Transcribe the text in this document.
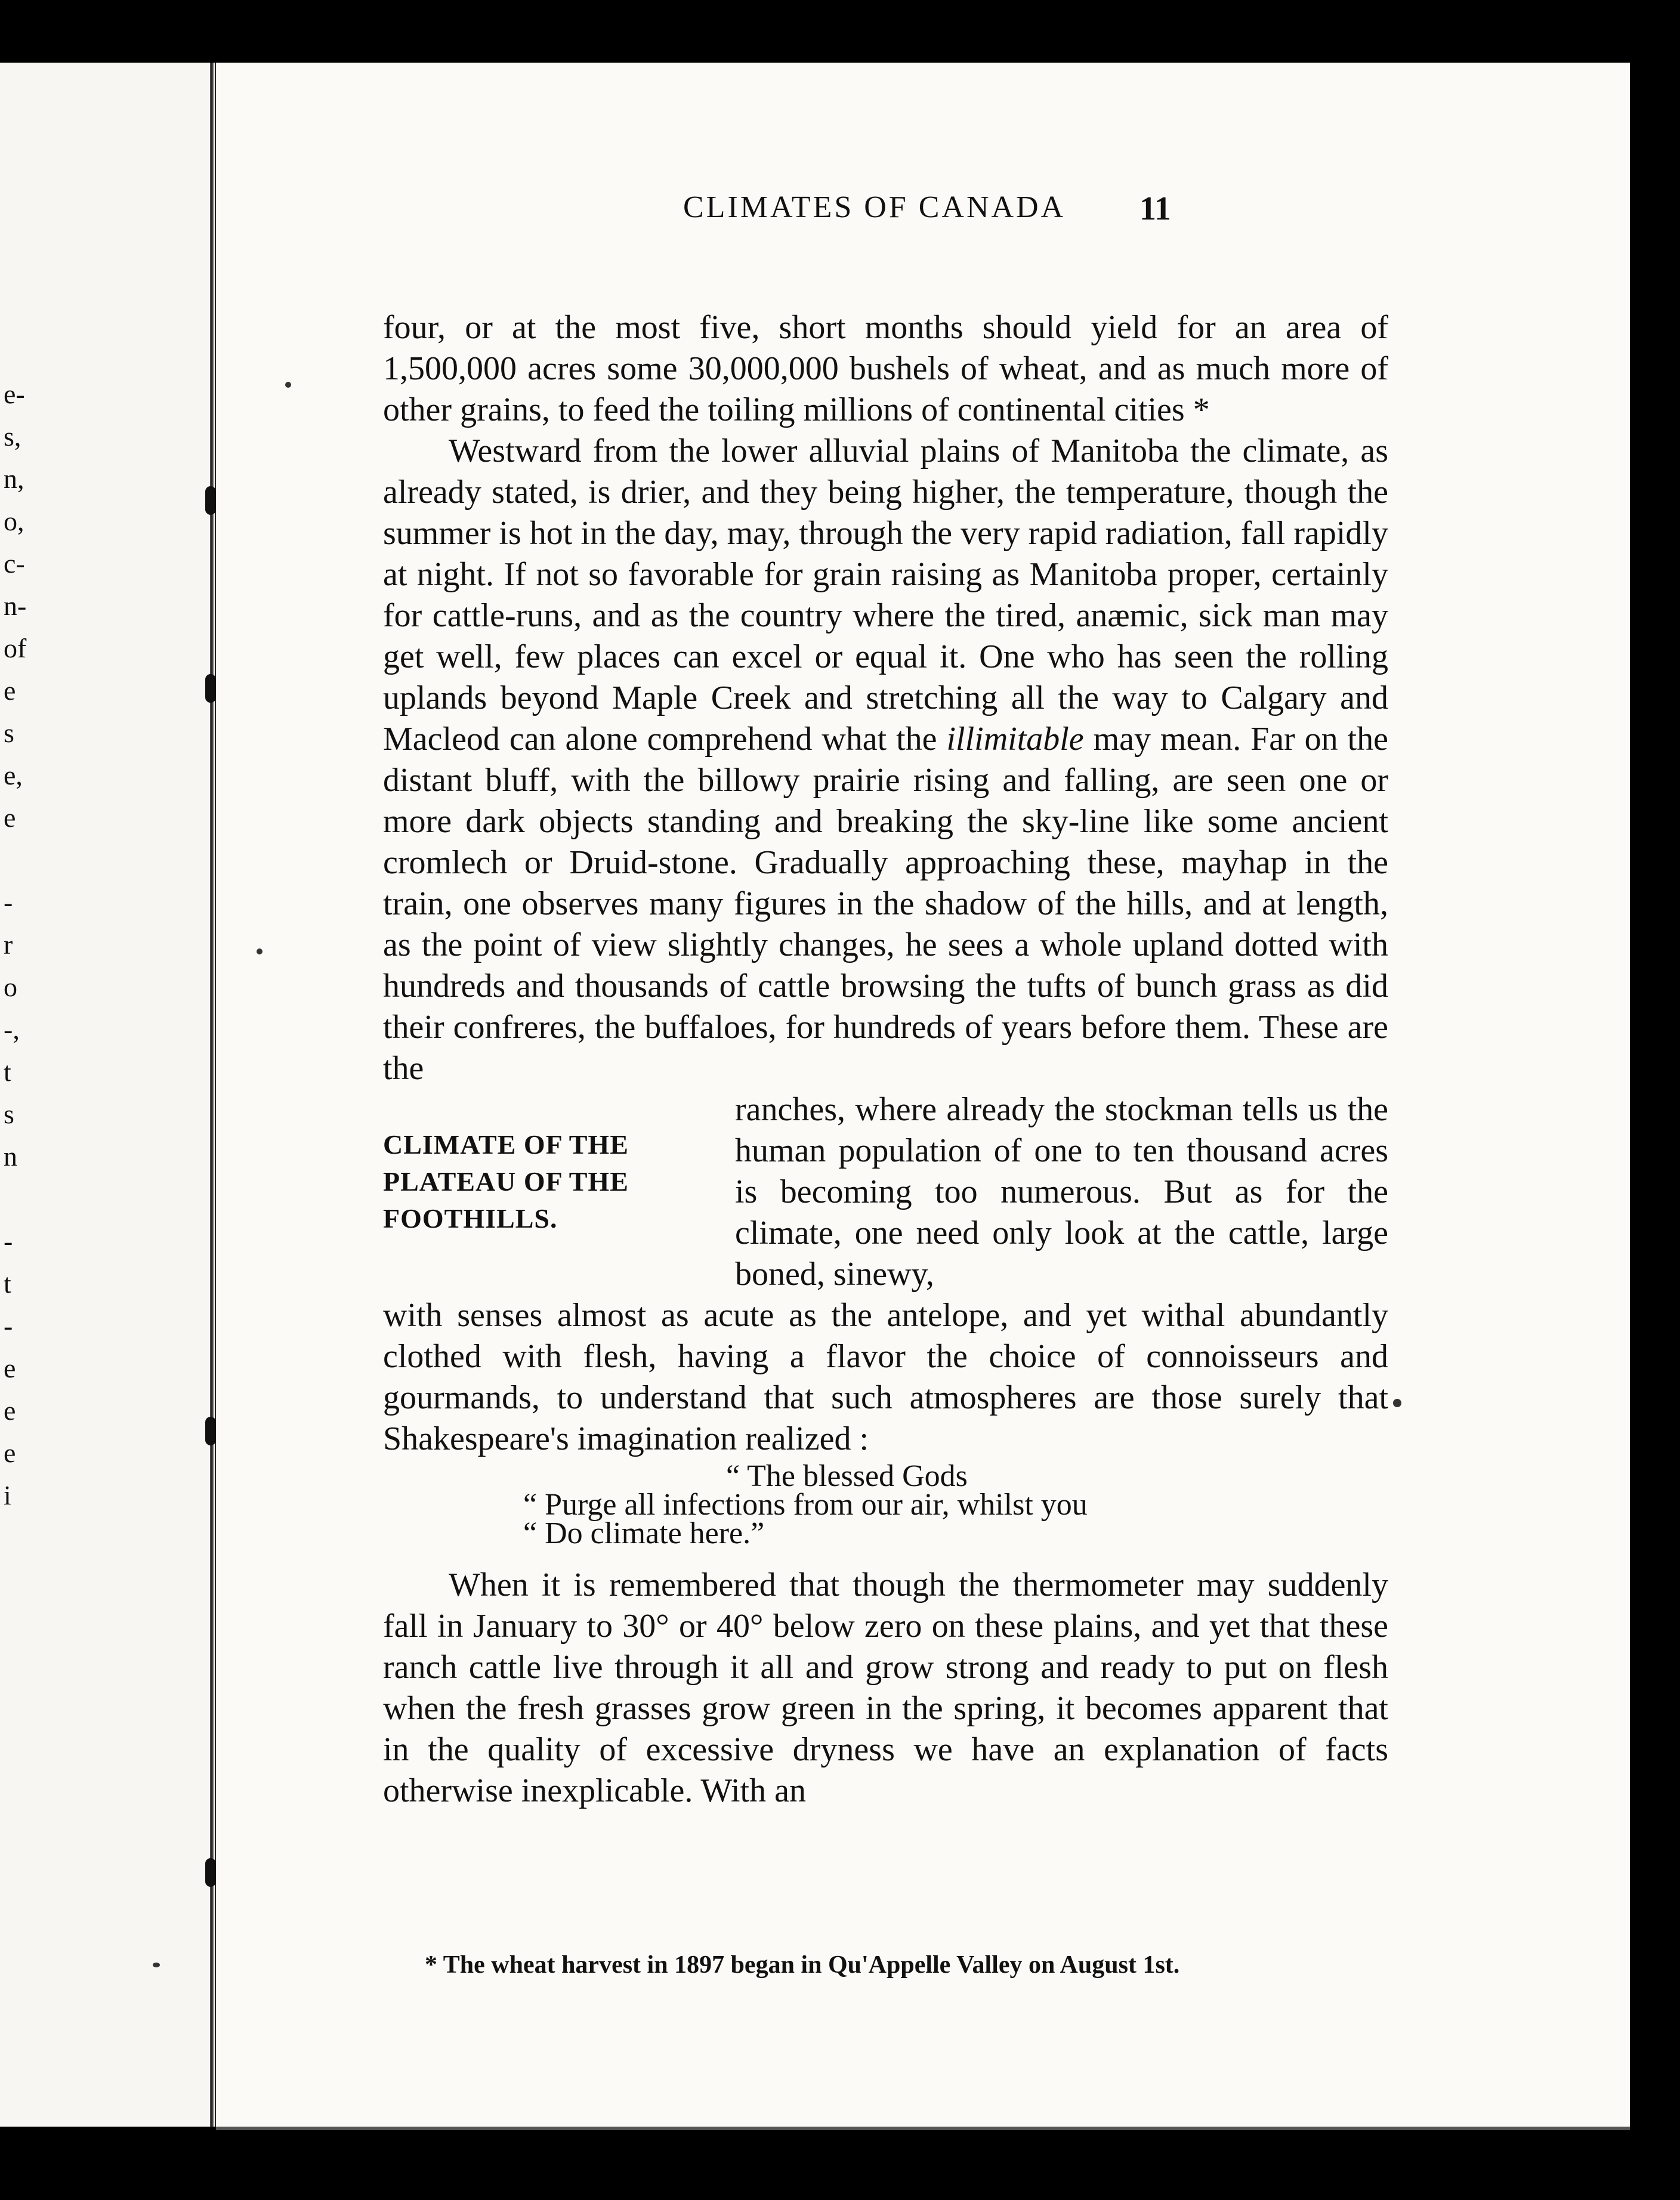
e-
s,
n,
o,
c-
n-
of
e
s
e,
e
-
r
o
-,
t
s
n
-
t
-
e
e
e
i
CLIMATES OF CANADA 11

four, or at the most five, short months should yield for an area of 1,500,000 acres some 30,000,000 bushels of wheat, and as much more of other grains, to feed the toiling millions of continental cities *

Westward from the lower alluvial plains of Manitoba the climate, as already stated, is drier, and they being higher, the temperature, though the summer is hot in the day, may, through the very rapid radiation, fall rapidly at night. If not so favorable for grain raising as Manitoba proper, certainly for cattle-runs, and as the country where the tired, anæmic, sick man may get well, few places can excel or equal it. One who has seen the rolling uplands beyond Maple Creek and stretching all the way to Calgary and Macleod can alone comprehend what the illimitable may mean. Far on the distant bluff, with the billowy prairie rising and falling, are seen one or more dark objects standing and breaking the sky-line like some ancient cromlech or Druid-stone. Gradually approaching these, mayhap in the train, one observes many figures in the shadow of the hills, and at length, as the point of view slightly changes, he sees a whole upland dotted with hundreds and thousands of cattle browsing the tufts of bunch grass as did their confreres, the buffaloes, for hundreds of years before them. These are the

CLIMATE OF THE PLATEAU OF THE FOOTHILLS.
ranches, where already the stockman tells us the human population of one to ten thousand acres is becoming too numerous. But as for the climate, one need only look at the cattle, large boned, sinewy,

with senses almost as acute as the antelope, and yet withal abundantly clothed with flesh, having a flavor the choice of connoisseurs and gourmands, to understand that such atmospheres are those surely that Shakespeare's imagination realized :

“ The blessed Gods
“ Purge all infections from our air, whilst you
“ Do climate here.”

When it is remembered that though the thermometer may suddenly fall in January to 30° or 40° below zero on these plains, and yet that these ranch cattle live through it all and grow strong and ready to put on flesh when the fresh grasses grow green in the spring, it becomes apparent that in the quality of excessive dryness we have an explanation of facts otherwise inexplicable. With an

* The wheat harvest in 1897 began in Qu'Appelle Valley on August 1st.
